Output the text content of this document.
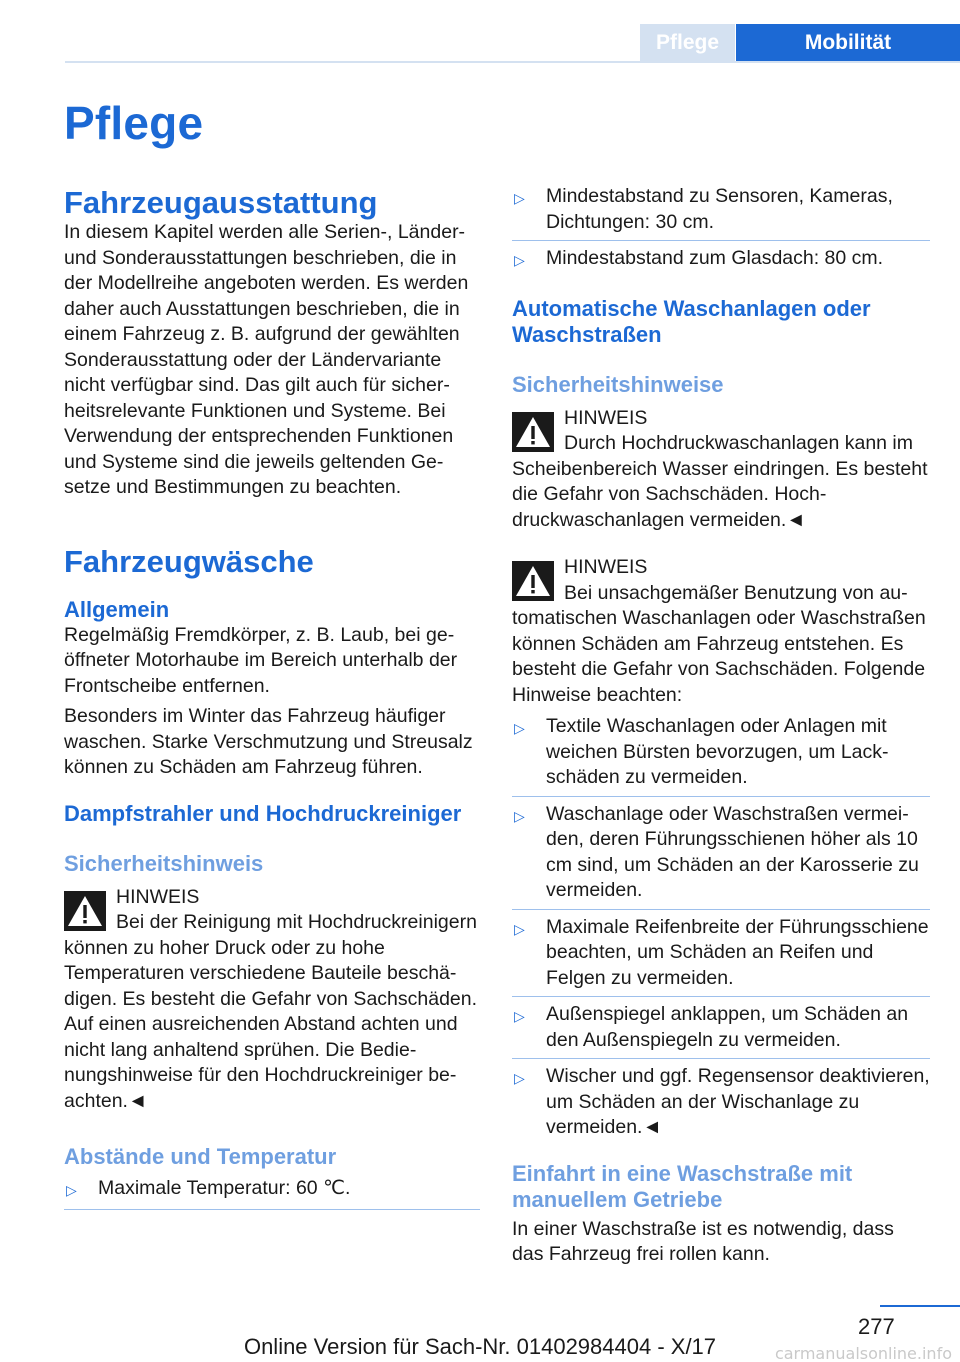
Pflege	Mobilität
Pflege
Fahrzeugausstattung
In diesem Kapitel werden alle Serien-, Länder- und Sonderausstattungen beschrieben, die in der Modellreihe angeboten werden. Es werden daher auch Ausstattungen beschrieben, die in einem Fahrzeug z. B. aufgrund der gewählten Sonderausstattung oder der Ländervariante nicht verfügbar sind. Das gilt auch für sicherheitsrelevante Funktionen und Systeme. Bei Verwendung der entsprechenden Funktionen und Systeme sind die jeweils geltenden Gesetze und Bestimmungen zu beachten.
Fahrzeugwäsche
Allgemein
Regelmäßig Fremdkörper, z. B. Laub, bei geöffneter Motorhaube im Bereich unterhalb der Frontscheibe entfernen.
Besonders im Winter das Fahrzeug häufiger waschen. Starke Verschmutzung und Streusalz können zu Schäden am Fahrzeug führen.
Dampfstrahler und Hochdruckreiniger
Sicherheitshinweis
HINWEIS
Bei der Reinigung mit Hochdruckreinigern können zu hoher Druck oder zu hohe Temperaturen verschiedene Bauteile beschädigen. Es besteht die Gefahr von Sachschäden. Auf einen ausreichenden Abstand achten und nicht lang anhaltend sprühen. Die Bedienungshinweise für den Hochdruckreiniger beachten.◄
Abstände und Temperatur
▷	Maximale Temperatur: 60 ℃.
▷	Mindestabstand zu Sensoren, Kameras, Dichtungen: 30 cm.
▷	Mindestabstand zum Glasdach: 80 cm.
Automatische Waschanlagen oder Waschstraßen
Sicherheitshinweise
HINWEIS
Durch Hochdruckwaschanlagen kann im Scheibenbereich Wasser eindringen. Es besteht die Gefahr von Sachschäden. Hochdruckwaschanlagen vermeiden.◄
HINWEIS
Bei unsachgemäßer Benutzung von automatischen Waschanlagen oder Waschstraßen können Schäden am Fahrzeug entstehen. Es besteht die Gefahr von Sachschäden. Folgende Hinweise beachten:
▷	Textile Waschanlagen oder Anlagen mit weichen Bürsten bevorzugen, um Lackschäden zu vermeiden.
▷	Waschanlage oder Waschstraßen vermeiden, deren Führungsschienen höher als 10 cm sind, um Schäden an der Karosserie zu vermeiden.
▷	Maximale Reifenbreite der Führungsschiene beachten, um Schäden an Reifen und Felgen zu vermeiden.
▷	Außenspiegel anklappen, um Schäden an den Außenspiegeln zu vermeiden.
▷	Wischer und ggf. Regensensor deaktivieren, um Schäden an der Wischanlage zu vermeiden.◄
Einfahrt in eine Waschstraße mit manuellem Getriebe
In einer Waschstraße ist es notwendig, dass das Fahrzeug frei rollen kann.
277
Online Version für Sach-Nr. 01402984404 - X/17	carmanualsonline.info
